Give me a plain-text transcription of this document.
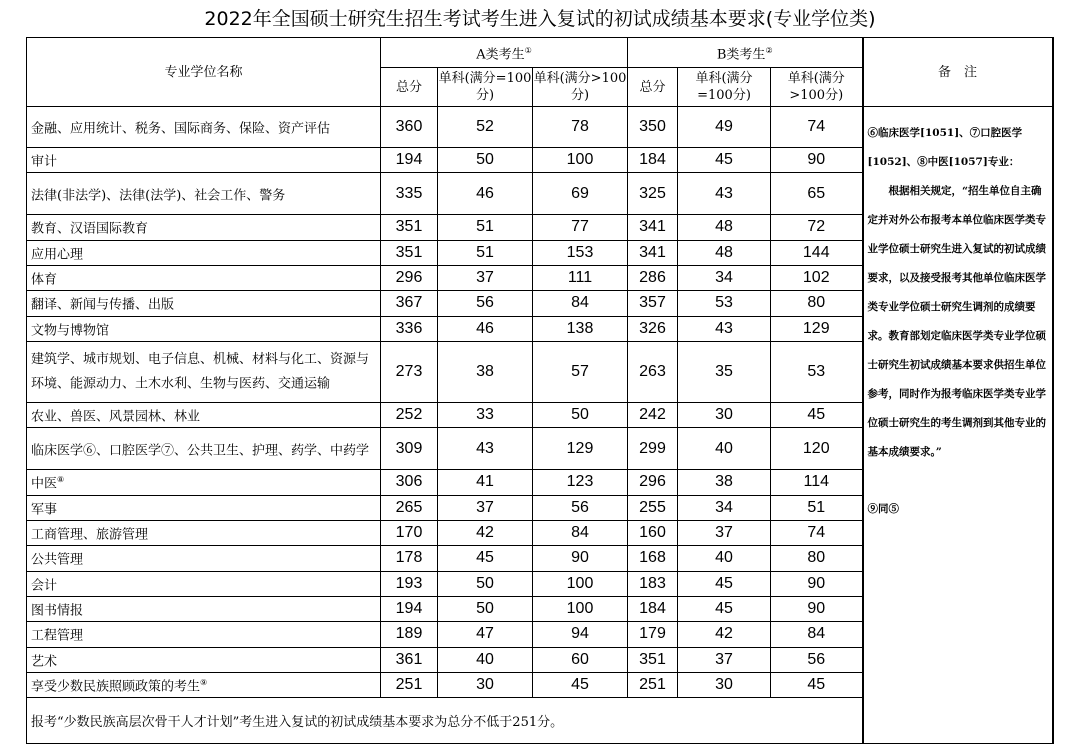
2022年全国硕士研究生招生考试考生进入复试的初试成绩基本要求(专业学位类)
专业学位名称	A类考生①			B类考生②			备　注
	总分	单科(满分=100分)	单科(满分>100分)	总分	单科(满分=100分)	单科(满分>100分)	
金融、应用统计、税务、国际商务、保险、资产评估	360	52	78	350	49	74	⑥临床医学[1051]、⑦口腔医学[1052]、⑧中医[1057]专业：
　　根据相关规定，“招生单位自主确定并对外公布报考本单位临床医学类专业学位硕士研究生进入复试的初试成绩要求，以及接受报考其他单位临床医学类专业学位硕士研究生调剂的成绩要求。教育部划定临床医学类专业学位硕士研究生初试成绩基本要求供招生单位参考，同时作为报考临床医学类专业学位硕士研究生的考生调剂到其他专业的基本成绩要求。”
⑨同⑤

审计	194	50	100	184	45	90	
法律(非法学)、法律(法学)、社会工作、警务	335	46	69	325	43	65	
教育、汉语国际教育	351	51	77	341	48	72	
应用心理	351	51	153	341	48	144	
体育	296	37	111	286	34	102	
翻译、新闻与传播、出版	367	56	84	357	53	80	
文物与博物馆	336	46	138	326	43	129	
建筑学、城市规划、电子信息、机械、材料与化工、资源与环境、能源动力、土木水利、生物与医药、交通运输	273	38	57	263	35	53	
农业、兽医、风景园林、林业	252	33	50	242	30	45	
临床医学⑥、口腔医学⑦、公共卫生、护理、药学、中药学	309	43	129	299	40	120	
中医⑧	306	41	123	296	38	114	
军事	265	37	56	255	34	51	
工商管理、旅游管理	170	42	84	160	37	74	
公共管理	178	45	90	168	40	80	
会计	193	50	100	183	45	90	
图书情报	194	50	100	184	45	90	
工程管理	189	47	94	179	42	84	
艺术	361	40	60	351	37	56	
享受少数民族照顾政策的考生⑨	251	30	45	251	30	45	
报考“少数民族高层次骨干人才计划”考生进入复试的初试成绩基本要求为总分不低于251分。							
